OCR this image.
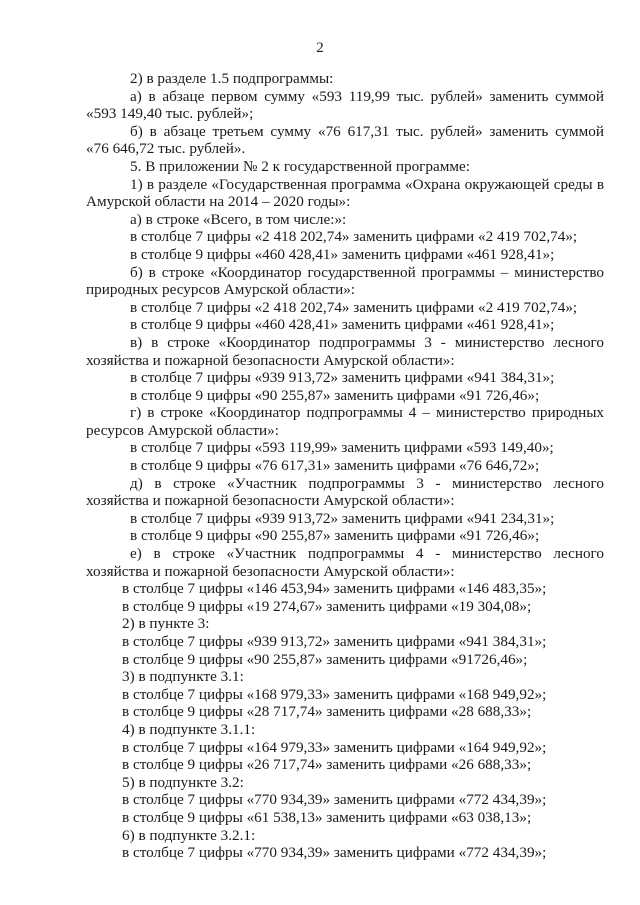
2
2) в разделе 1.5 подпрограммы:
а) в абзаце первом сумму «593 119,99 тыс. рублей» заменить суммой
«593 149,40 тыс. рублей»;
б) в абзаце третьем сумму «76 617,31 тыс. рублей» заменить суммой
«76 646,72 тыс. рублей».
5. В приложении № 2 к государственной программе:
1) в разделе «Государственная программа «Охрана окружающей среды в
Амурской области на 2014 – 2020 годы»:
а) в строке «Всего, в том числе:»:
в столбце 7 цифры «2 418 202,74» заменить цифрами «2 419 702,74»;
в столбце 9 цифры «460 428,41» заменить цифрами «461 928,41»;
б) в строке «Координатор государственной программы – министерство
природных ресурсов Амурской области»:
в столбце 7 цифры «2 418 202,74» заменить цифрами «2 419 702,74»;
в столбце 9 цифры «460 428,41» заменить цифрами «461 928,41»;
в) в строке «Координатор подпрограммы 3 - министерство лесного
хозяйства и пожарной безопасности Амурской области»:
в столбце 7 цифры «939 913,72» заменить цифрами «941 384,31»;
в столбце 9 цифры «90 255,87» заменить цифрами «91 726,46»;
г) в строке «Координатор подпрограммы 4 – министерство природных
ресурсов Амурской области»:
в столбце 7 цифры «593 119,99» заменить цифрами «593 149,40»;
в столбце 9 цифры «76 617,31» заменить цифрами «76 646,72»;
д) в строке «Участник подпрограммы 3 - министерство лесного
хозяйства и пожарной безопасности Амурской области»:
в столбце 7 цифры «939 913,72» заменить цифрами «941 234,31»;
в столбце 9 цифры «90 255,87» заменить цифрами «91 726,46»;
е) в строке «Участник подпрограммы 4 - министерство лесного
хозяйства и пожарной безопасности Амурской области»:
в столбце 7 цифры «146 453,94» заменить цифрами «146 483,35»;
в столбце 9 цифры «19 274,67» заменить цифрами «19 304,08»;
2) в пункте 3:
в столбце 7 цифры «939 913,72» заменить цифрами «941 384,31»;
в столбце 9 цифры «90 255,87» заменить цифрами «91726,46»;
3) в подпункте 3.1:
в столбце 7 цифры «168 979,33» заменить цифрами «168 949,92»;
в столбце 9 цифры «28 717,74» заменить цифрами «28 688,33»;
4) в подпункте 3.1.1:
в столбце 7 цифры «164 979,33» заменить цифрами «164 949,92»;
в столбце 9 цифры «26 717,74» заменить цифрами «26 688,33»;
5) в подпункте 3.2:
в столбце 7 цифры «770 934,39» заменить цифрами «772 434,39»;
в столбце 9 цифры «61 538,13» заменить цифрами «63 038,13»;
6) в подпункте 3.2.1:
в столбце 7 цифры «770 934,39» заменить цифрами «772 434,39»;
